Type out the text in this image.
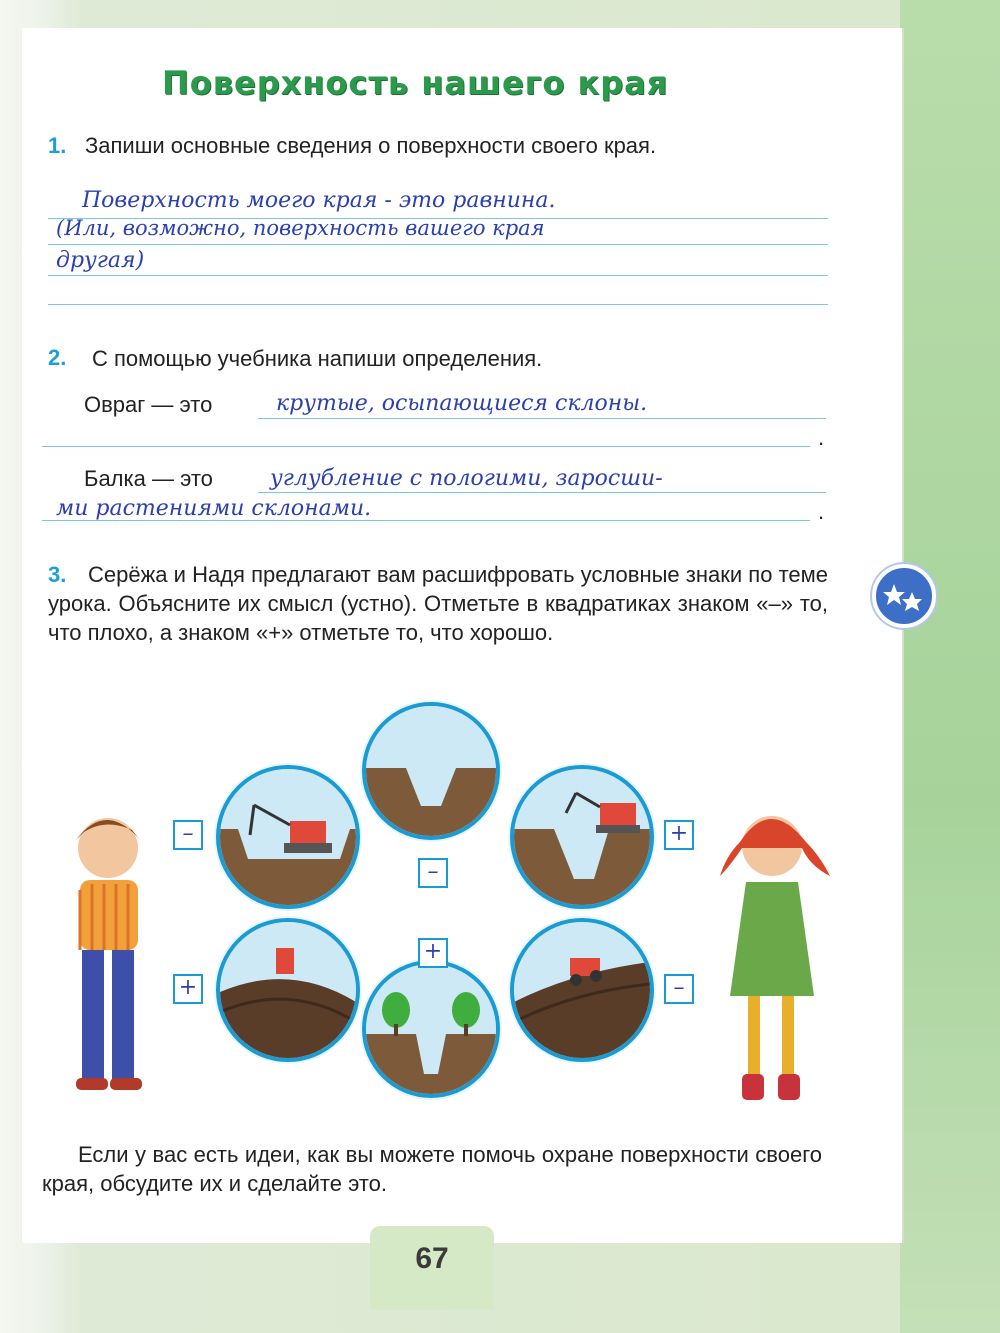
Поверхность нашего края
1. Запиши основные сведения о поверхности своего края.
Поверхность моего края - это равнина.
(Или, возможно, поверхность вашего края
другая)
2. С помощью учебника напиши определения.
Овраг — это
.
крутые, осыпающиеся склоны.
Балка — это
.
углубление с пологими, зароcши-
ми растениями склонами.
3. Серёжа и Надя предлагают вам расшифровать условные знаки по теме урока. Объясните их смысл (устно). Отметьте в квадратиках знаком «–» то, что плохо, а знаком «+» отметьте то, что хорошо.
–
–
+
+
+
–
Если у вас есть идеи, как вы можете помочь охране поверхности своего края, обсудите их и сделайте это.
67
